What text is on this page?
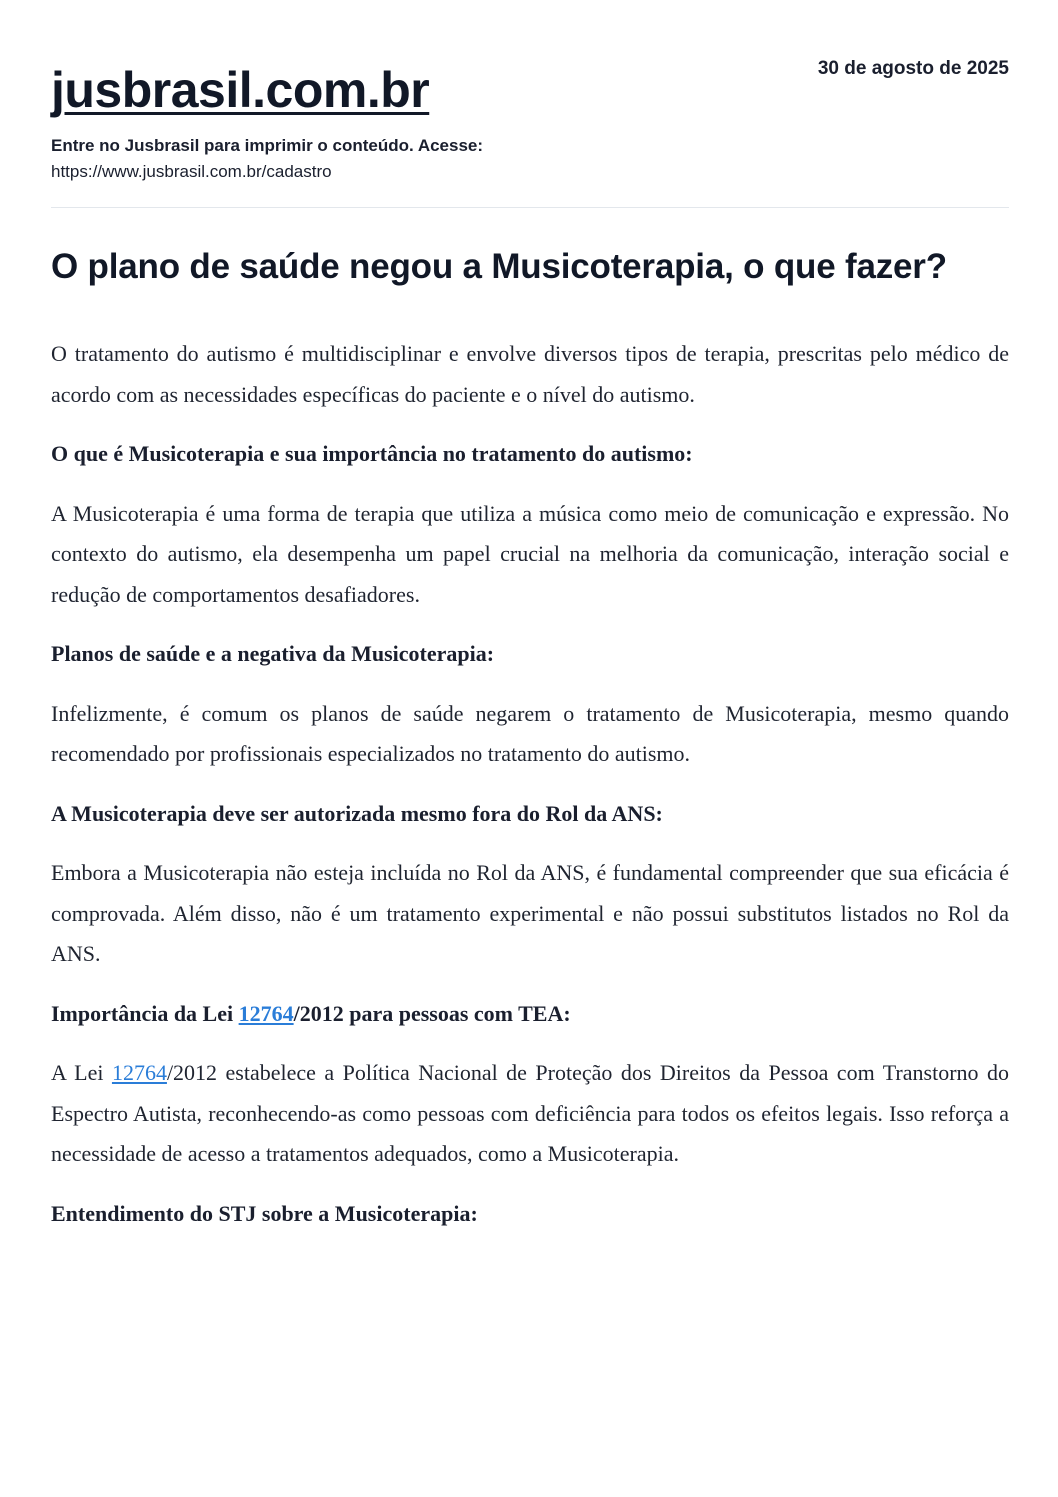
jusbrasil.com.br	30 de agosto de 2025
Entre no Jusbrasil para imprimir o conteúdo. Acesse:
https://www.jusbrasil.com.br/cadastro
O plano de saúde negou a Musicoterapia, o que fazer?

O tratamento do autismo é multidisciplinar e envolve diversos tipos de terapia, prescritas pelo médico de acordo com as necessidades específicas do paciente e o nível do autismo.

O que é Musicoterapia e sua importância no tratamento do autismo:

A Musicoterapia é uma forma de terapia que utiliza a música como meio de comunicação e expressão. No contexto do autismo, ela desempenha um papel crucial na melhoria da comunicação, interação social e redução de comportamentos desafiadores.

Planos de saúde e a negativa da Musicoterapia:

Infelizmente, é comum os planos de saúde negarem o tratamento de Musicoterapia, mesmo quando recomendado por profissionais especializados no tratamento do autismo.

A Musicoterapia deve ser autorizada mesmo fora do Rol da ANS:

Embora a Musicoterapia não esteja incluída no Rol da ANS, é fundamental compreender que sua eficácia é comprovada. Além disso, não é um tratamento experimental e não possui substitutos listados no Rol da ANS.

Importância da Lei 12764/2012 para pessoas com TEA:

A Lei 12764/2012 estabelece a Política Nacional de Proteção dos Direitos da Pessoa com Transtorno do Espectro Autista, reconhecendo-as como pessoas com deficiência para todos os efeitos legais. Isso reforça a necessidade de acesso a tratamentos adequados, como a Musicoterapia.

Entendimento do STJ sobre a Musicoterapia:
